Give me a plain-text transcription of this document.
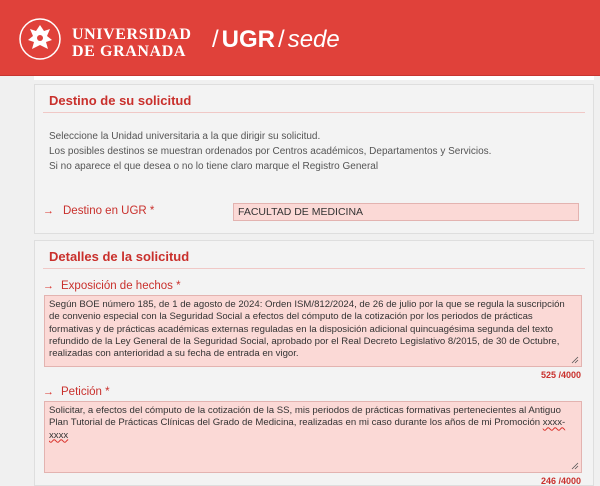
UNIVERSIDAD
DE GRANADA / UGR / sede
Destino de su solicitud
Seleccione la Unidad universitaria a la que dirigir su solicitud.
Los posibles destinos se muestran ordenados por Centros académicos, Departamentos y Servicios.
Si no aparece el que desea o no lo tiene claro marque el Registro General
→ Destino en UGR *	FACULTAD DE MEDICINA
Detalles de la solicitud
→ Exposición de hechos *
Según BOE número 185, de 1 de agosto de 2024: Orden ISM/812/2024, de 26 de julio por la que se regula la suscripción de convenio especial con la Seguridad Social a efectos del cómputo de la cotización por los periodos de prácticas formativas y de prácticas académicas externas reguladas en la disposición adicional quincuagésima segunda del texto refundido de la Ley General de la Seguridad Social, aprobado por el Real Decreto Legislativo 8/2015, de 30 de Octubre, realizadas con anterioridad a su fecha de entrada en vigor.
525 /4000
→ Petición *
Solicitar, a efectos del cómputo de la cotización de la SS, mis periodos de prácticas formativas pertenecientes al Antiguo Plan Tutorial de Prácticas Clínicas del Grado de Medicina, realizadas en mi caso durante los años de mi Promoción xxxx-xxxx
246 /4000
